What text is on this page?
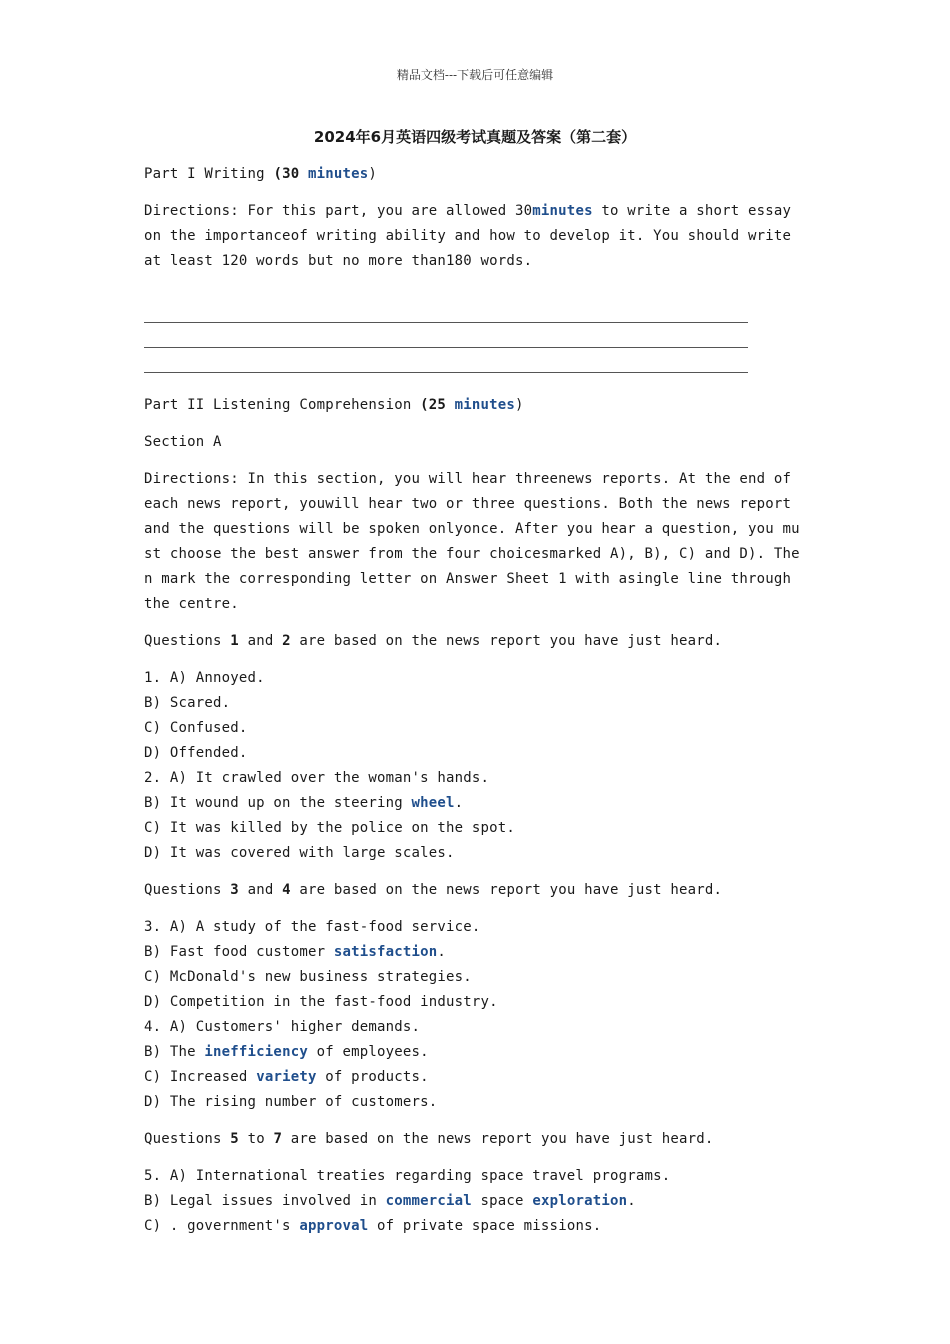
精品文档---下载后可任意编辑
2024年6月英语四级考试真题及答案（第二套）

Part I Writing (30 minutes)

Directions: For this part, you are allowed 30minutes to write a short essay on the importanceof writing ability and how to develop it. You should write at least 120 words but no more than180 words.

Part II Listening Comprehension (25 minutes)

Section A

Directions: In this section, you will hear threenews reports. At the end of each news report, youwill hear two or three questions. Both the news report and the questions will be spoken onlyonce. After you hear a question, you must choose the best answer from the four choicesmarked A), B), C) and D). Then mark the corresponding letter on Answer Sheet 1 with asingle line through the centre.

Questions 1 and 2 are based on the news report you have just heard.

1. A) Annoyed.

B) Scared.

C) Confused.

D) Offended.

2. A) It crawled over the woman's hands.

B) It wound up on the steering wheel.

C) It was killed by the police on the spot.

D) It was covered with large scales.

Questions 3 and 4 are based on the news report you have just heard.

3. A) A study of the fast-food service.

B) Fast food customer satisfaction.

C) McDonald's new business strategies.

D) Competition in the fast-food industry.

4. A) Customers' higher demands.

B) The inefficiency of employees.

C) Increased variety of products.

D) The rising number of customers.

Questions 5 to 7 are based on the news report you have just heard.

5. A) International treaties regarding space travel programs.

B) Legal issues involved in commercial space exploration.

C) . government's approval of private space missions.
